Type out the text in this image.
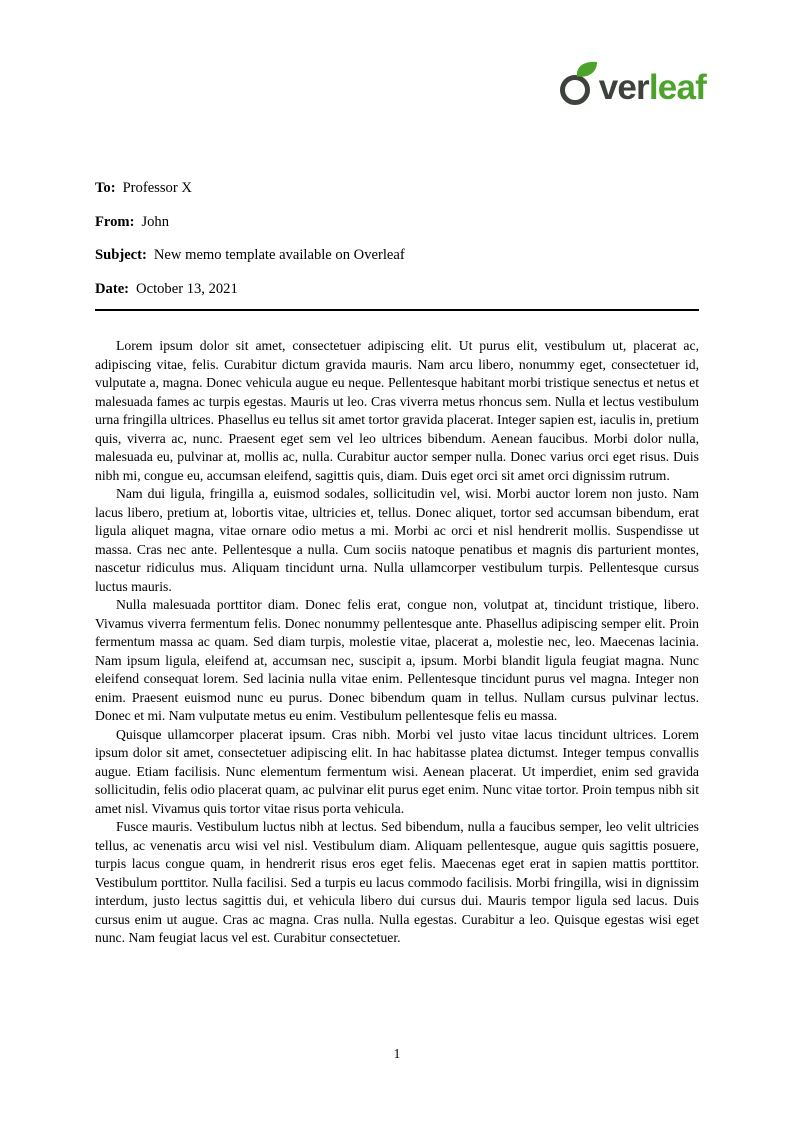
ver leaf
To: Professor X
From: John
Subject: New memo template available on Overleaf
Date: October 13, 2021

Lorem ipsum dolor sit amet, consectetuer adipiscing elit. Ut purus elit, vestibulum ut, placerat ac, adipiscing vitae, felis. Curabitur dictum gravida mauris. Nam arcu libero, nonummy eget, consectetuer id, vulputate a, magna. Donec vehicula augue eu neque. Pellentesque habitant morbi tristique senectus et netus et malesuada fames ac turpis egestas. Mauris ut leo. Cras viverra metus rhoncus sem. Nulla et lectus vestibulum urna fringilla ultrices. Phasellus eu tellus sit amet tortor gravida placerat. Integer sapien est, iaculis in, pretium quis, viverra ac, nunc. Praesent eget sem vel leo ultrices bibendum. Aenean faucibus. Morbi dolor nulla, malesuada eu, pulvinar at, mollis ac, nulla. Curabitur auctor semper nulla. Donec varius orci eget risus. Duis nibh mi, congue eu, accumsan eleifend, sagittis quis, diam. Duis eget orci sit amet orci dignissim rutrum.

Nam dui ligula, fringilla a, euismod sodales, sollicitudin vel, wisi. Morbi auctor lorem non justo. Nam lacus libero, pretium at, lobortis vitae, ultricies et, tellus. Donec aliquet, tortor sed accumsan bibendum, erat ligula aliquet magna, vitae ornare odio metus a mi. Morbi ac orci et nisl hendrerit mollis. Suspendisse ut massa. Cras nec ante. Pellentesque a nulla. Cum sociis natoque penatibus et magnis dis parturient montes, nascetur ridiculus mus. Aliquam tincidunt urna. Nulla ullamcorper vestibulum turpis. Pellentesque cursus luctus mauris.

Nulla malesuada porttitor diam. Donec felis erat, congue non, volutpat at, tincidunt tristique, libero. Vivamus viverra fermentum felis. Donec nonummy pellentesque ante. Phasellus adipiscing semper elit. Proin fermentum massa ac quam. Sed diam turpis, molestie vitae, placerat a, molestie nec, leo. Maecenas lacinia. Nam ipsum ligula, eleifend at, accumsan nec, suscipit a, ipsum. Morbi blandit ligula feugiat magna. Nunc eleifend consequat lorem. Sed lacinia nulla vitae enim. Pellentesque tincidunt purus vel magna. Integer non enim. Praesent euismod nunc eu purus. Donec bibendum quam in tellus. Nullam cursus pulvinar lectus. Donec et mi. Nam vulputate metus eu enim. Vestibulum pellentesque felis eu massa.

Quisque ullamcorper placerat ipsum. Cras nibh. Morbi vel justo vitae lacus tincidunt ultrices. Lorem ipsum dolor sit amet, consectetuer adipiscing elit. In hac habitasse platea dictumst. Integer tempus convallis augue. Etiam facilisis. Nunc elementum fermentum wisi. Aenean placerat. Ut imperdiet, enim sed gravida sollicitudin, felis odio placerat quam, ac pulvinar elit purus eget enim. Nunc vitae tortor. Proin tempus nibh sit amet nisl. Vivamus quis tortor vitae risus porta vehicula.

Fusce mauris. Vestibulum luctus nibh at lectus. Sed bibendum, nulla a faucibus semper, leo velit ultricies tellus, ac venenatis arcu wisi vel nisl. Vestibulum diam. Aliquam pellentesque, augue quis sagittis posuere, turpis lacus congue quam, in hendrerit risus eros eget felis. Maecenas eget erat in sapien mattis porttitor. Vestibulum porttitor. Nulla facilisi. Sed a turpis eu lacus commodo facilisis. Morbi fringilla, wisi in dignissim interdum, justo lectus sagittis dui, et vehicula libero dui cursus dui. Mauris tempor ligula sed lacus. Duis cursus enim ut augue. Cras ac magna. Cras nulla. Nulla egestas. Curabitur a leo. Quisque egestas wisi eget nunc. Nam feugiat lacus vel est. Curabitur consectetuer.

1
